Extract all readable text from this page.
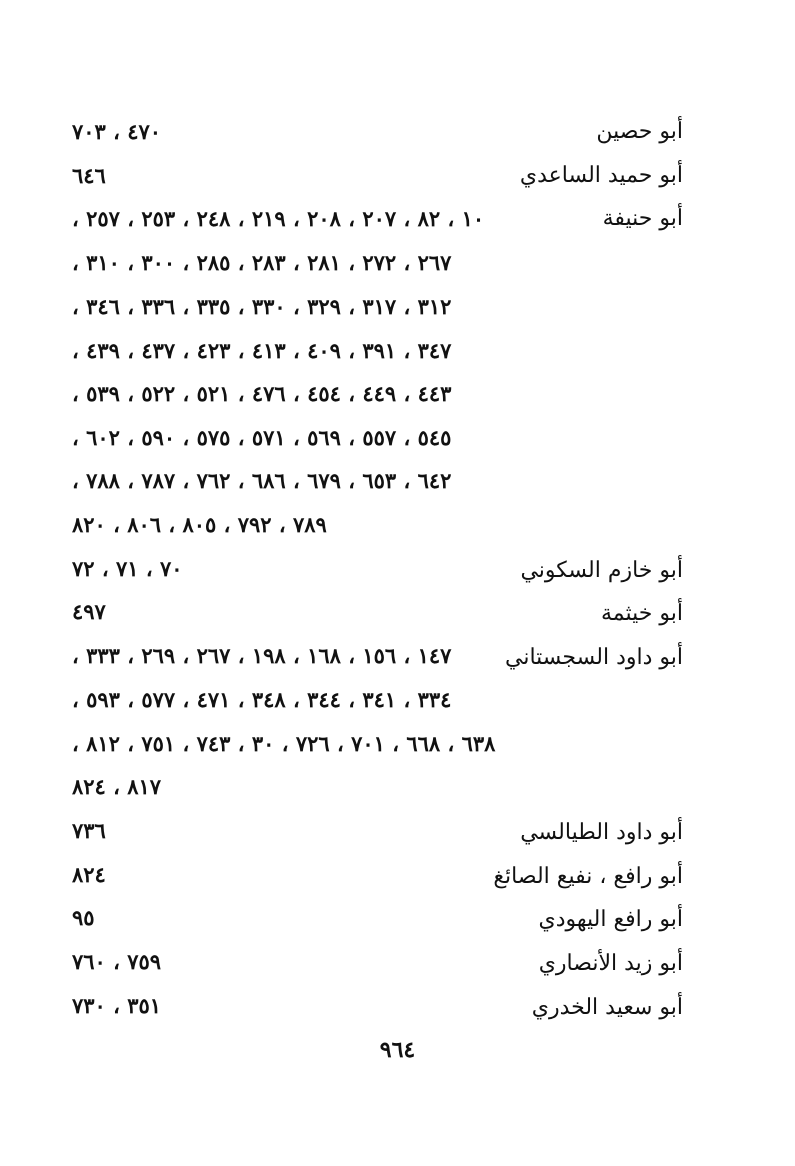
أبو حصين
٤٧٠ ، ٧٠٣
أبو حميد الساعدي
٦٤٦
أبو حنيفة
١٠ ، ٨٢ ، ٢٠٧ ، ٢٠٨ ، ٢١٩ ، ٢٤٨ ، ٢٥٣ ، ٢٥٧ ،
٢٦٧ ، ٢٧٢ ، ٢٨١ ، ٢٨٣ ، ٢٨٥ ، ٣٠٠ ، ٣١٠ ،
٣١٢ ، ٣١٧ ، ٣٢٩ ، ٣٣٠ ، ٣٣٥ ، ٣٣٦ ، ٣٤٦ ،
٣٤٧ ، ٣٩١ ، ٤٠٩ ، ٤١٣ ، ٤٢٣ ، ٤٣٧ ، ٤٣٩ ،
٤٤٣ ، ٤٤٩ ، ٤٥٤ ، ٤٧٦ ، ٥٢١ ، ٥٢٢ ، ٥٣٩ ،
٥٤٥ ، ٥٥٧ ، ٥٦٩ ، ٥٧١ ، ٥٧٥ ، ٥٩٠ ، ٦٠٢ ،
٦٤٢ ، ٦٥٣ ، ٦٧٩ ، ٦٨٦ ، ٧٦٢ ، ٧٨٧ ، ٧٨٨ ،
٧٨٩ ، ٧٩٢ ، ٨٠٥ ، ٨٠٦ ، ٨٢٠
أبو خازم السكوني
٧٠ ، ٧١ ، ٧٢
أبو خيثمة
٤٩٧
أبو داود السجستاني
١٤٧ ، ١٥٦ ، ١٦٨ ، ١٩٨ ، ٢٦٧ ، ٢٦٩ ، ٣٣٣ ،
٣٣٤ ، ٣٤١ ، ٣٤٤ ، ٣٤٨ ، ٤٧١ ، ٥٧٧ ، ٥٩٣ ،
٦٣٨ ، ٦٦٨ ، ٧٠١ ، ٧٢٦ ، ٣٠ ، ٧٤٣ ، ٧٥١ ، ٨١٢ ،
٨١٧ ، ٨٢٤
أبو داود الطيالسي
٧٣٦
أبو رافع ، نفيع الصائغ
٨٢٤
أبو رافع اليهودي
٩٥
أبو زيد الأنصاري
٧٥٩ ، ٧٦٠
أبو سعيد الخدري
٣٥١ ، ٧٣٠
٩٦٤
